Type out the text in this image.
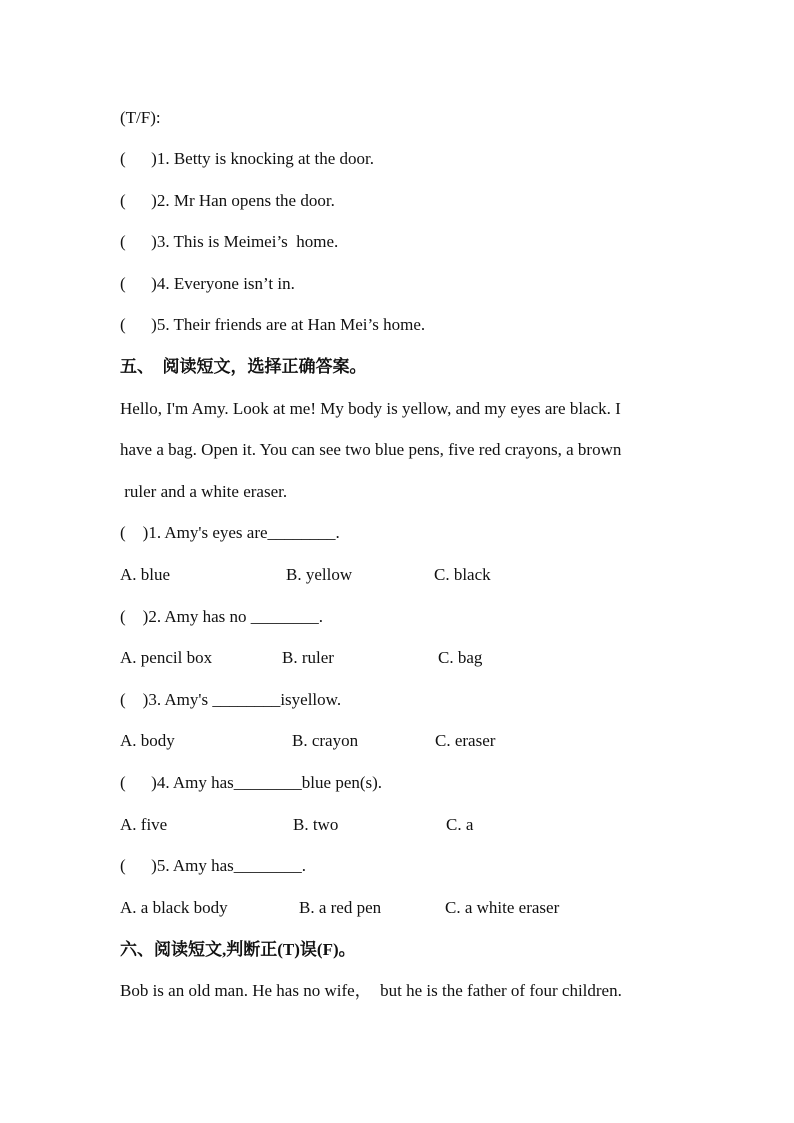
(T/F):
(      )1. Betty is knocking at the door.
(      )2. Mr Han opens the door.
(      )3. This is Meimei’s  home.
(      )4. Everyone isn’t in.
(      )5. Their friends are at Han Mei’s home.
五、  阅读短文，选择正确答案。
Hello, I'm Amy. Look at me! My body is yellow, and my eyes are black. I
have a bag. Open it. You can see two blue pens, five red crayons, a brown
ruler and a white eraser.
(    )1. Amy's eyes are________.
A. blue	B. yellow	C. black
(    )2. Amy has no ________.
A. pencil box	B. ruler	C. bag
(    )3. Amy's ________isyellow.
A. body	B. crayon	C. eraser
(      )4. Amy has________blue pen(s).
A. five	B. two	C. a
(      )5. Amy has________.
A. a black body	B. a red pen	C. a white eraser
六、阅读短文,判断正(T)误(F)。
Bob is an old man. He has no wife，  but he is the father of four children.
